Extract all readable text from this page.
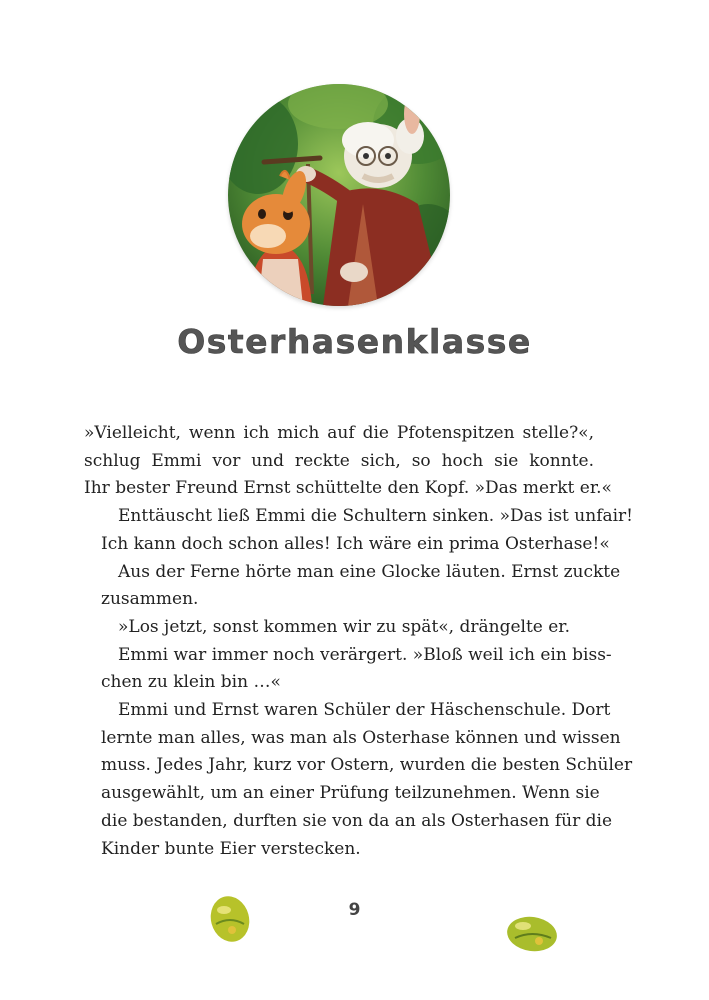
Osterhasenklasse

»Vielleicht, wenn ich mich auf die Pfotenspitzen stelle?«,
schlug Emmi vor und reckte sich, so hoch sie konnte.
Ihr bester Freund Ernst schüttelte den Kopf. »Das merkt er.«

Enttäuscht ließ Emmi die Schultern sinken. »Das ist unfair!
Ich kann doch schon alles! Ich wäre ein prima Osterhase!«

Aus der Ferne hörte man eine Glocke läuten. Ernst zuckte
zusammen.

»Los jetzt, sonst kommen wir zu spät«, drängelte er.

Emmi war immer noch verärgert. »Bloß weil ich ein biss-
chen zu klein bin …«

Emmi und Ernst waren Schüler der Häschenschule. Dort
lernte man alles, was man als Osterhase können und wissen
muss. Jedes Jahr, kurz vor Ostern, wurden die besten Schüler
ausgewählt, um an einer Prüfung teilzunehmen. Wenn sie
die bestanden, durften sie von da an als Osterhasen für die
Kinder bunte Eier verstecken.

9
